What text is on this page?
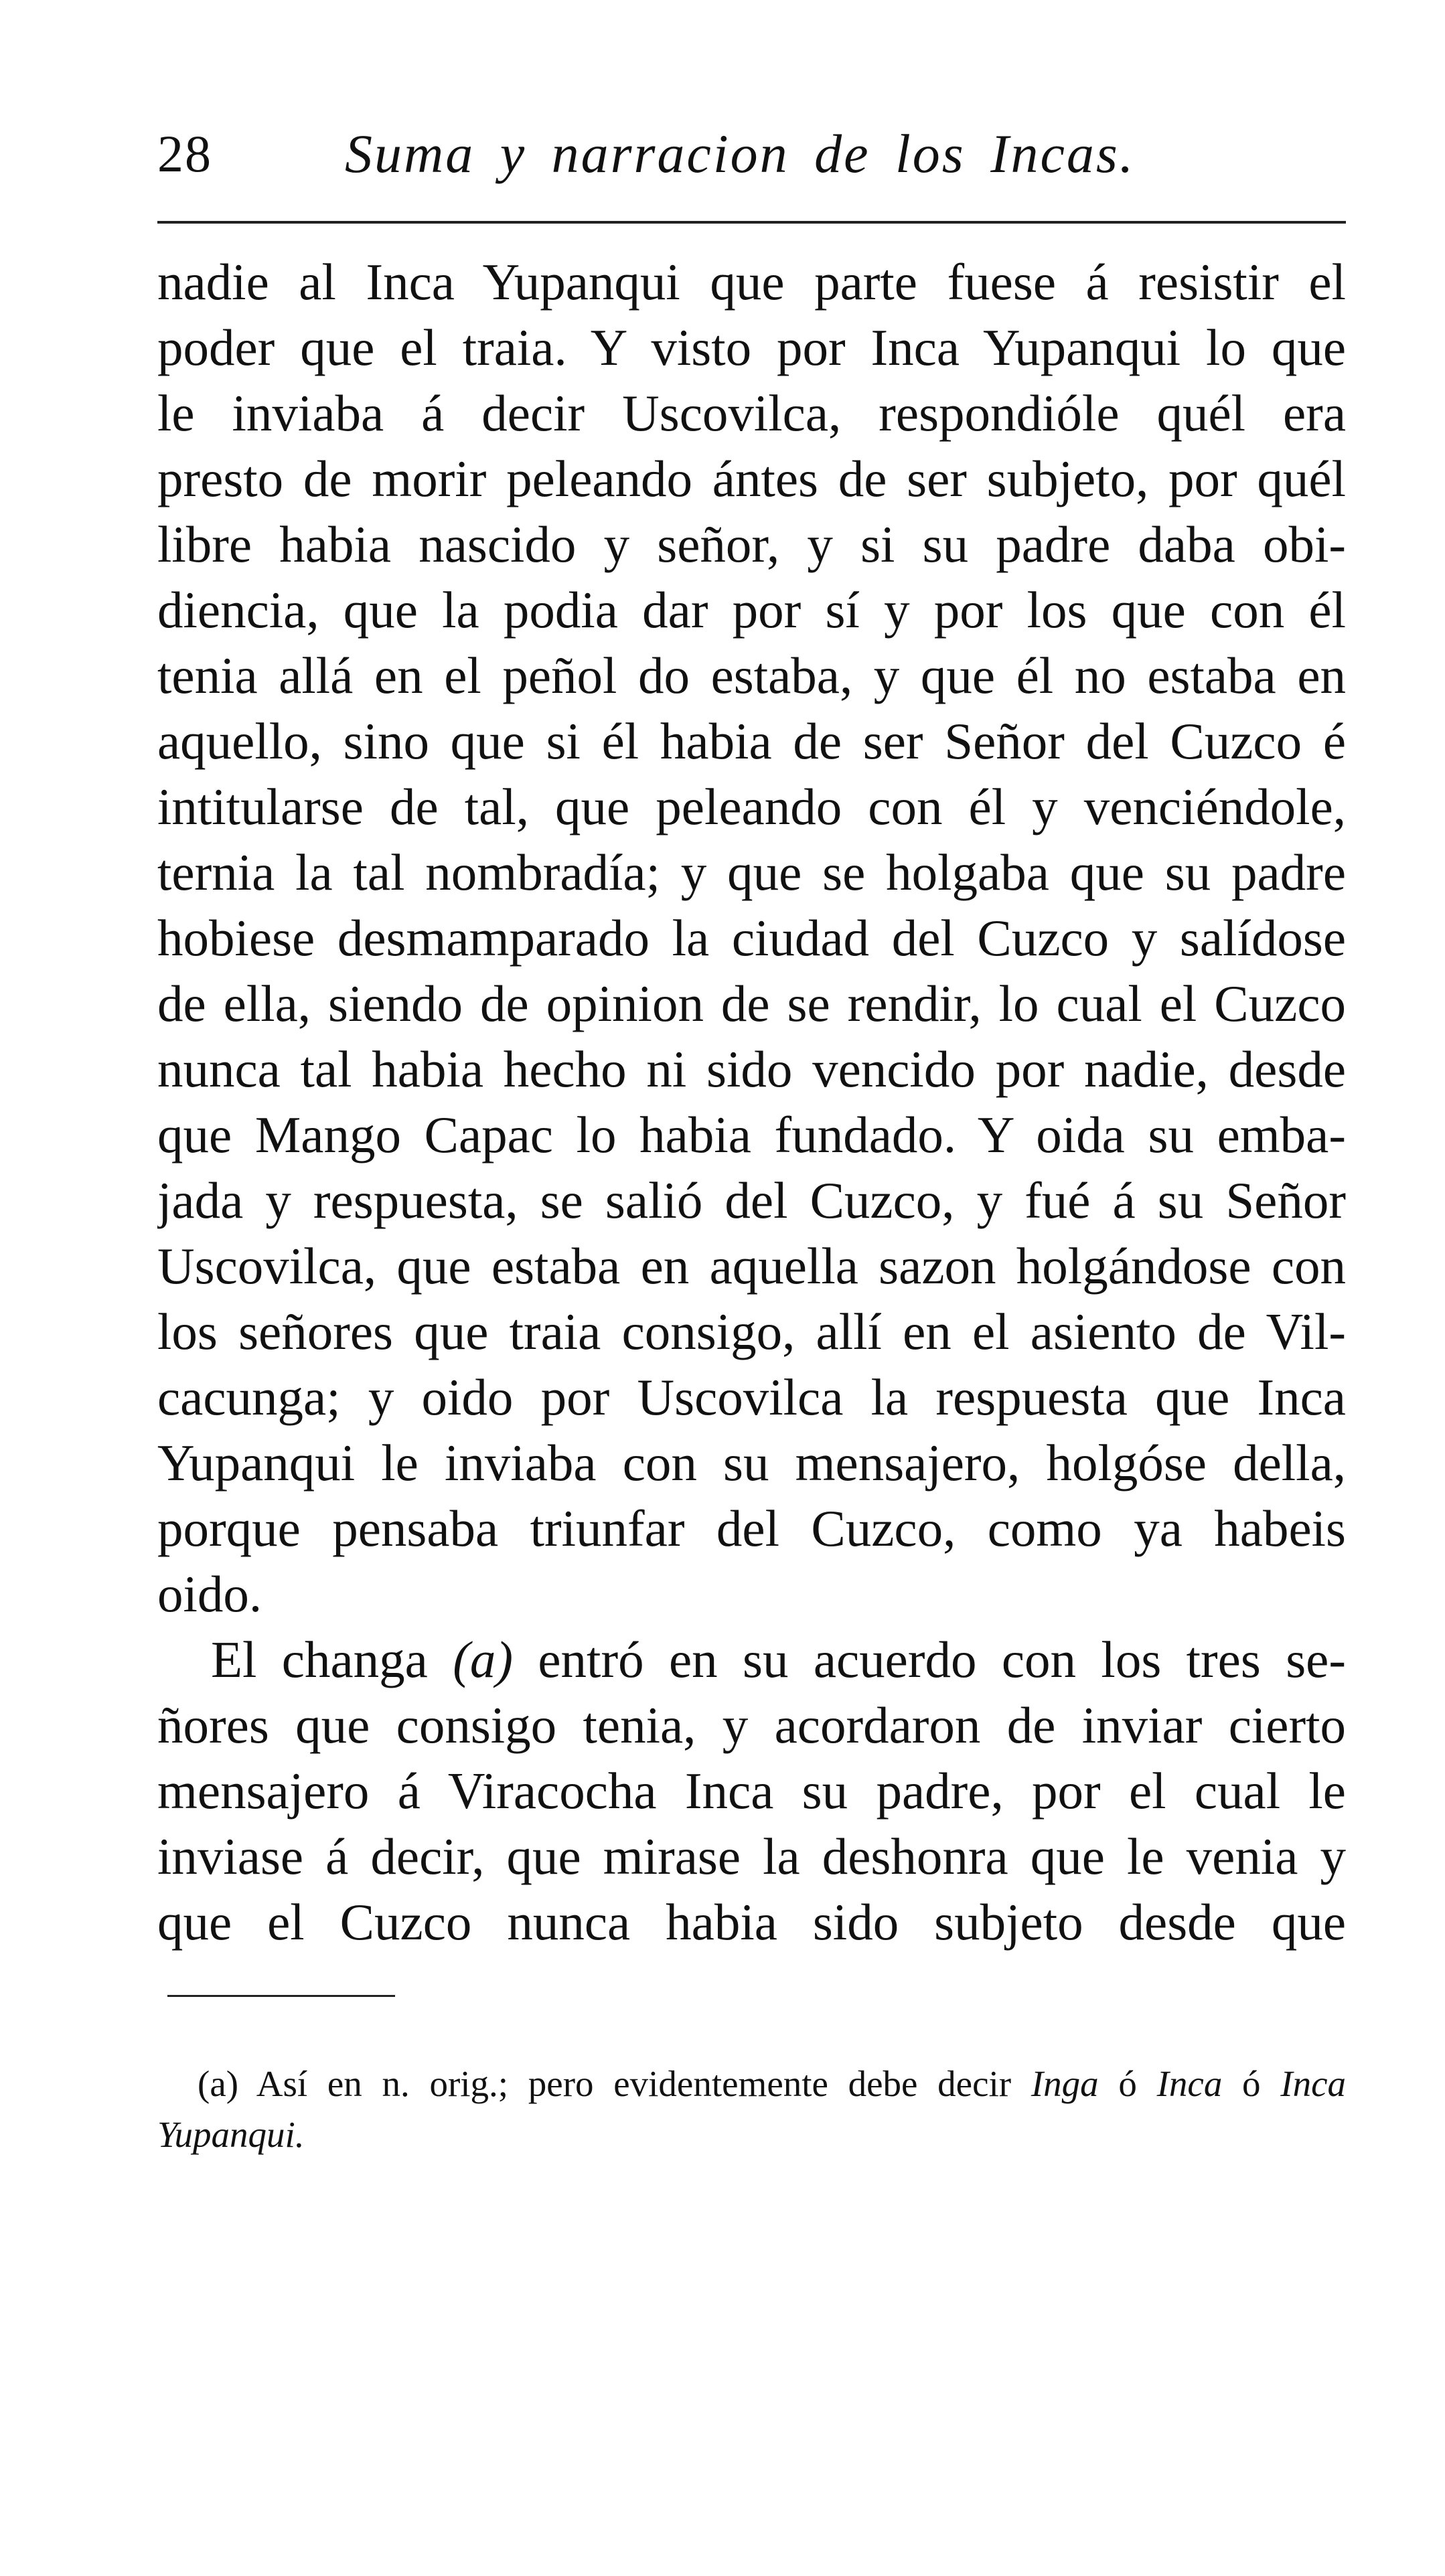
28 Suma y narracion de los Incas.
nadie al Inca Yupanqui que parte fuese á resistir el
poder que el traia. Y visto por Inca Yupanqui lo que
le inviaba á decir Uscovilca, respondióle quél era
presto de morir peleando ántes de ser subjeto, por quél
libre habia nascido y señor, y si su padre daba obi-
diencia, que la podia dar por sí y por los que con él
tenia allá en el peñol do estaba, y que él no estaba en
aquello, sino que si él habia de ser Señor del Cuzco é
intitularse de tal, que peleando con él y venciéndole,
ternia la tal nombradía; y que se holgaba que su padre
hobiese desmamparado la ciudad del Cuzco y salídose
de ella, siendo de opinion de se rendir, lo cual el Cuzco
nunca tal habia hecho ni sido vencido por nadie, desde
que Mango Capac lo habia fundado. Y oida su emba-
jada y respuesta, se salió del Cuzco, y fué á su Señor
Uscovilca, que estaba en aquella sazon holgándose con
los señores que traia consigo, allí en el asiento de Vil-
cacunga; y oido por Uscovilca la respuesta que Inca
Yupanqui le inviaba con su mensajero, holgóse della,
porque pensaba triunfar del Cuzco, como ya habeis
oido.
El changa (a) entró en su acuerdo con los tres se-
ñores que consigo tenia, y acordaron de inviar cierto
mensajero á Viracocha Inca su padre, por el cual le
inviase á decir, que mirase la deshonra que le venia y
que el Cuzco nunca habia sido subjeto desde que
(a) Así en n. orig.; pero evidentemente debe decir Inga ó Inca ó Inca
Yupanqui.
